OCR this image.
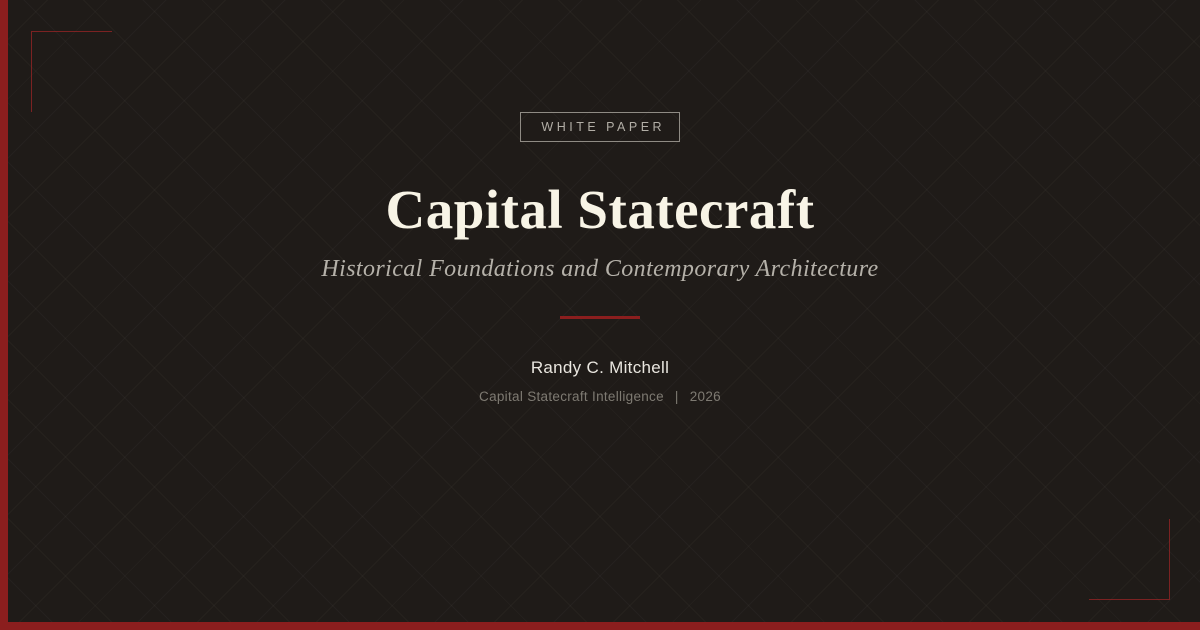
WHITE PAPER
Capital Statecraft

Historical Foundations and Contemporary Architecture

Randy C. Mitchell
Capital Statecraft Intelligence | 2026
